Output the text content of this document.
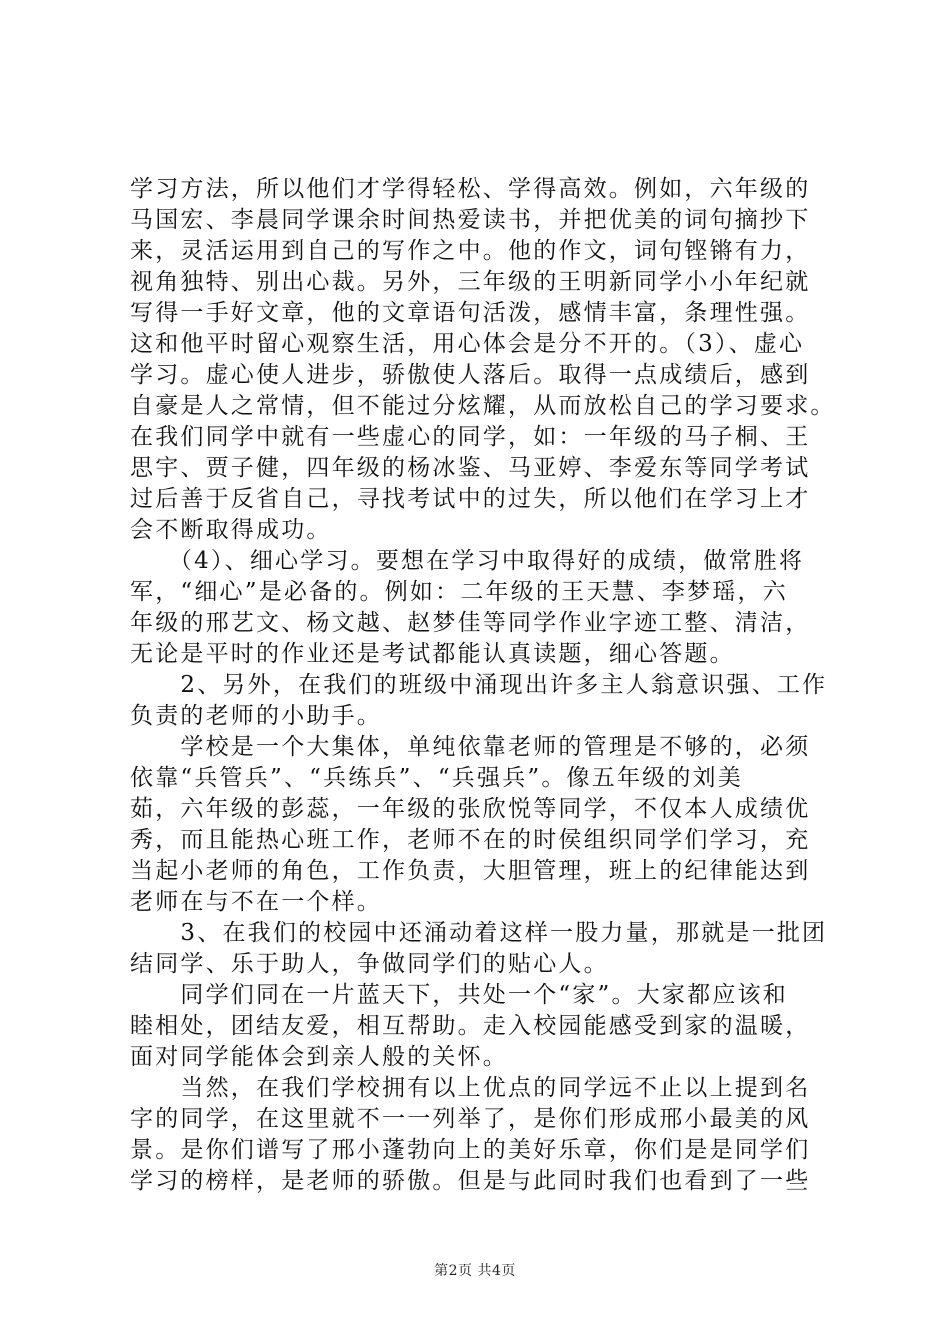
学习方法，所以他们才学得轻松、学得高效。例如，六年级的
马国宏、李晨同学课余时间热爱读书，并把优美的词句摘抄下
来，灵活运用到自己的写作之中。他的作文，词句铿锵有力，
视角独特、别出心裁。另外，三年级的王明新同学小小年纪就
写得一手好文章，他的文章语句活泼，感情丰富，条理性强。
这和他平时留心观察生活，用心体会是分不开的。（3）、虚心
学习。虚心使人进步，骄傲使人落后。取得一点成绩后，感到
自豪是人之常情，但不能过分炫耀，从而放松自己的学习要求。
在我们同学中就有一些虚心的同学，如：一年级的马子桐、王
思宇、贾子健，四年级的杨冰鉴、马亚婷、李爱东等同学考试
过后善于反省自己，寻找考试中的过失，所以他们在学习上才
会不断取得成功。
　　（4）、细心学习。要想在学习中取得好的成绩，做常胜将
军，“细心”是必备的。例如：二年级的王天慧、李梦瑶，六
年级的邢艺文、杨文越、赵梦佳等同学作业字迹工整、清洁，
无论是平时的作业还是考试都能认真读题，细心答题。
　　2、另外，在我们的班级中涌现出许多主人翁意识强、工作
负责的老师的小助手。
　　学校是一个大集体，单纯依靠老师的管理是不够的，必须
依靠“兵管兵”、“兵练兵”、“兵强兵”。像五年级的刘美
茹，六年级的彭蕊，一年级的张欣悦等同学，不仅本人成绩优
秀，而且能热心班工作，老师不在的时侯组织同学们学习，充
当起小老师的角色，工作负责，大胆管理，班上的纪律能达到
老师在与不在一个样。
　　3、在我们的校园中还涌动着这样一股力量，那就是一批团
结同学、乐于助人，争做同学们的贴心人。
　　同学们同在一片蓝天下，共处一个“家”。大家都应该和
睦相处，团结友爱，相互帮助。走入校园能感受到家的温暖，
面对同学能体会到亲人般的关怀。
　　当然，在我们学校拥有以上优点的同学远不止以上提到名
字的同学，在这里就不一一列举了，是你们形成邢小最美的风
景。是你们谱写了邢小蓬勃向上的美好乐章，你们是是同学们
学习的榜样，是老师的骄傲。但是与此同时我们也看到了一些
第2页 共4页
